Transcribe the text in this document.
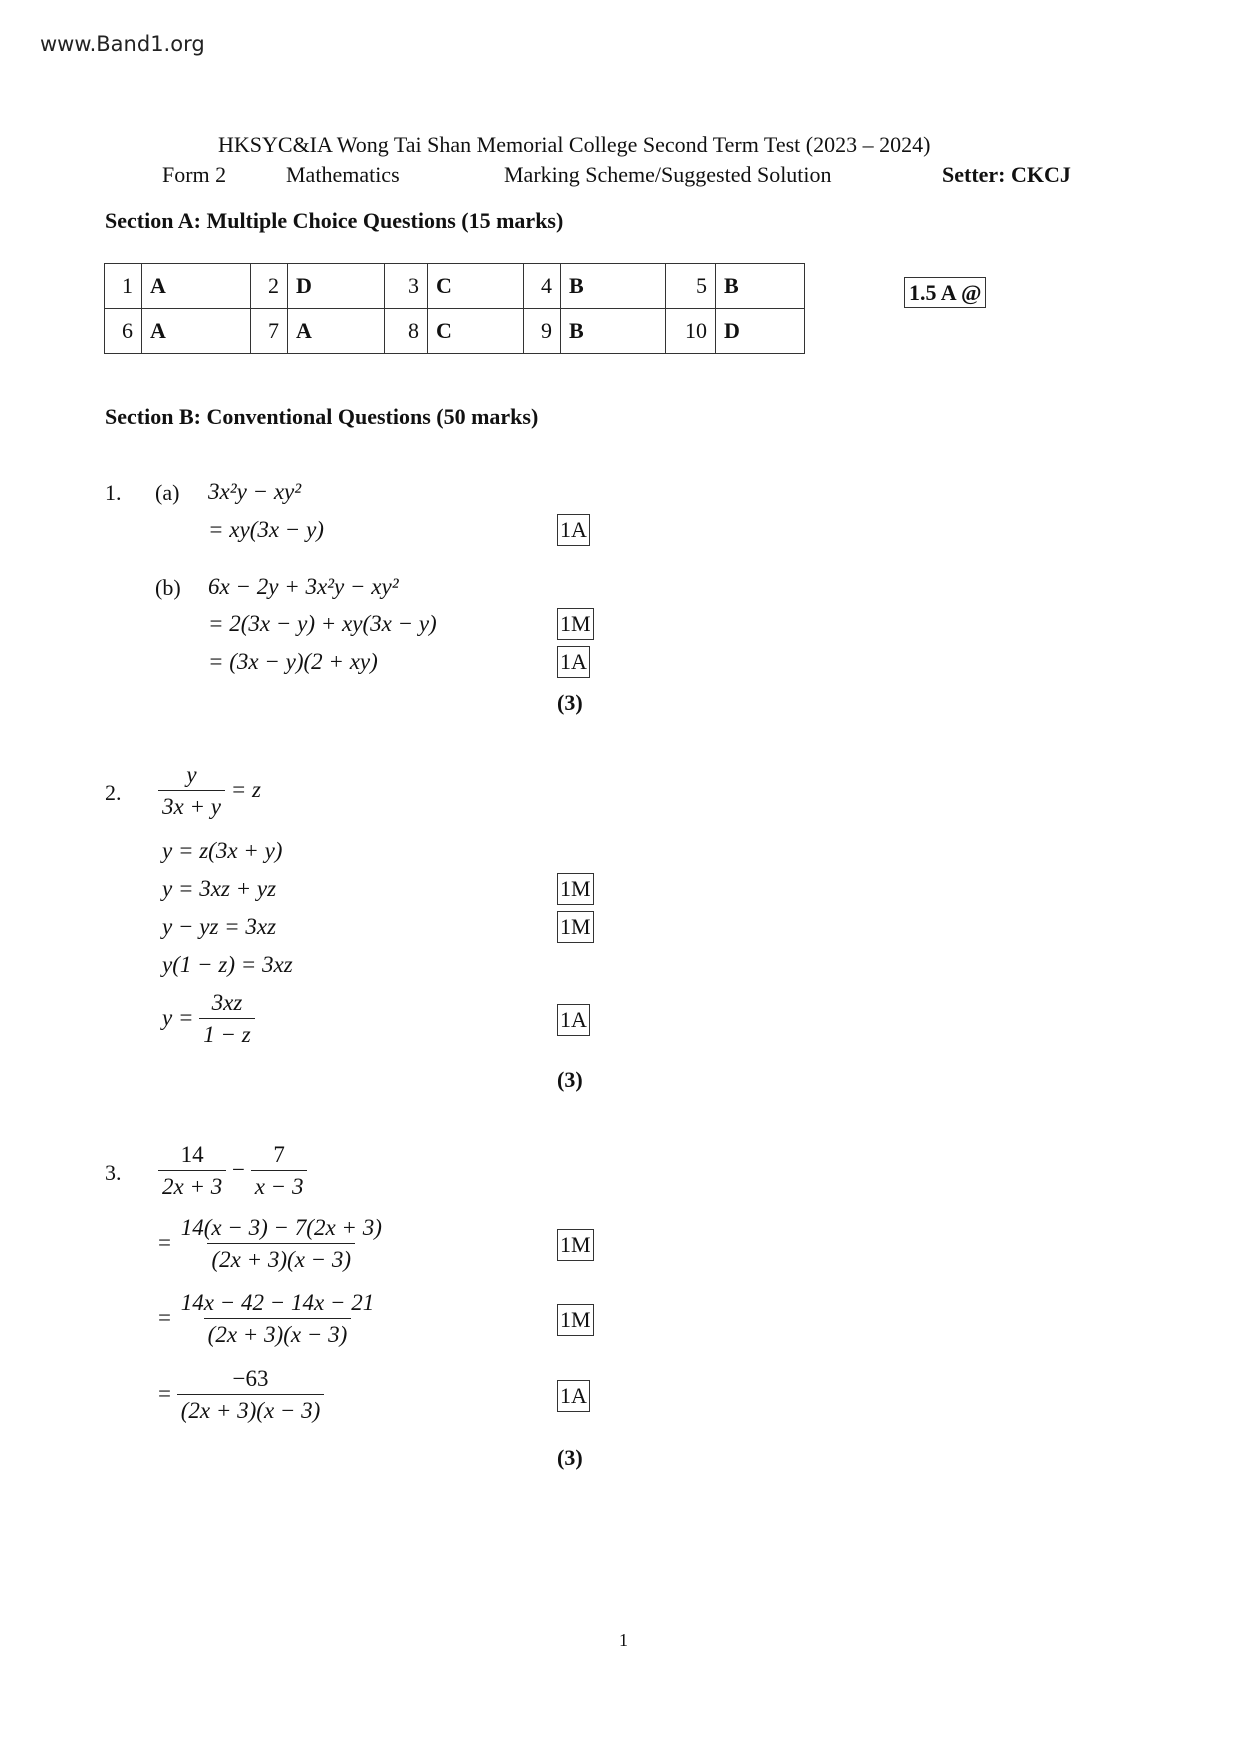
www.Band1.org
HKSYC&IA Wong Tai Shan Memorial College Second Term Test (2023 – 2024)
Form 2	Mathematics	Marking Scheme/Suggested Solution	Setter: CKCJ
Section A: Multiple Choice Questions (15 marks)
1	A	2	D	3	C	4	B	5	B
6	A	7	A	8	C	9	B	10	D
1.5 A @
Section B: Conventional Questions (50 marks)
1. (a) 3x²y − xy²
= xy(3x − y)	1A
(b) 6x − 2y + 3x²y − xy²
= 2(3x − y) + xy(3x − y)
= (3x − y)(2 + xy)
1M
1A
(3)
2. $\frac{y}{3x + y} = z$
y = z(3x + y)
y = 3xz + yz
y − yz = 3xz
y(1 − z) = 3xz
$y = \frac{3xz}{1 - z}$
1M
1M
1A
(3)
3. $\frac{14}{2x + 3} - \frac{7}{x - 3}$
= $\frac{14(x - 3) - 7(2x + 3)}{(2x + 3)(x - 3)}$
= $\frac{14x - 42 - 14x - 21}{(2x + 3)(x - 3)}$
= $\frac{-63}{(2x + 3)(x - 3)}$
1M
1M
1A
(3)
1
